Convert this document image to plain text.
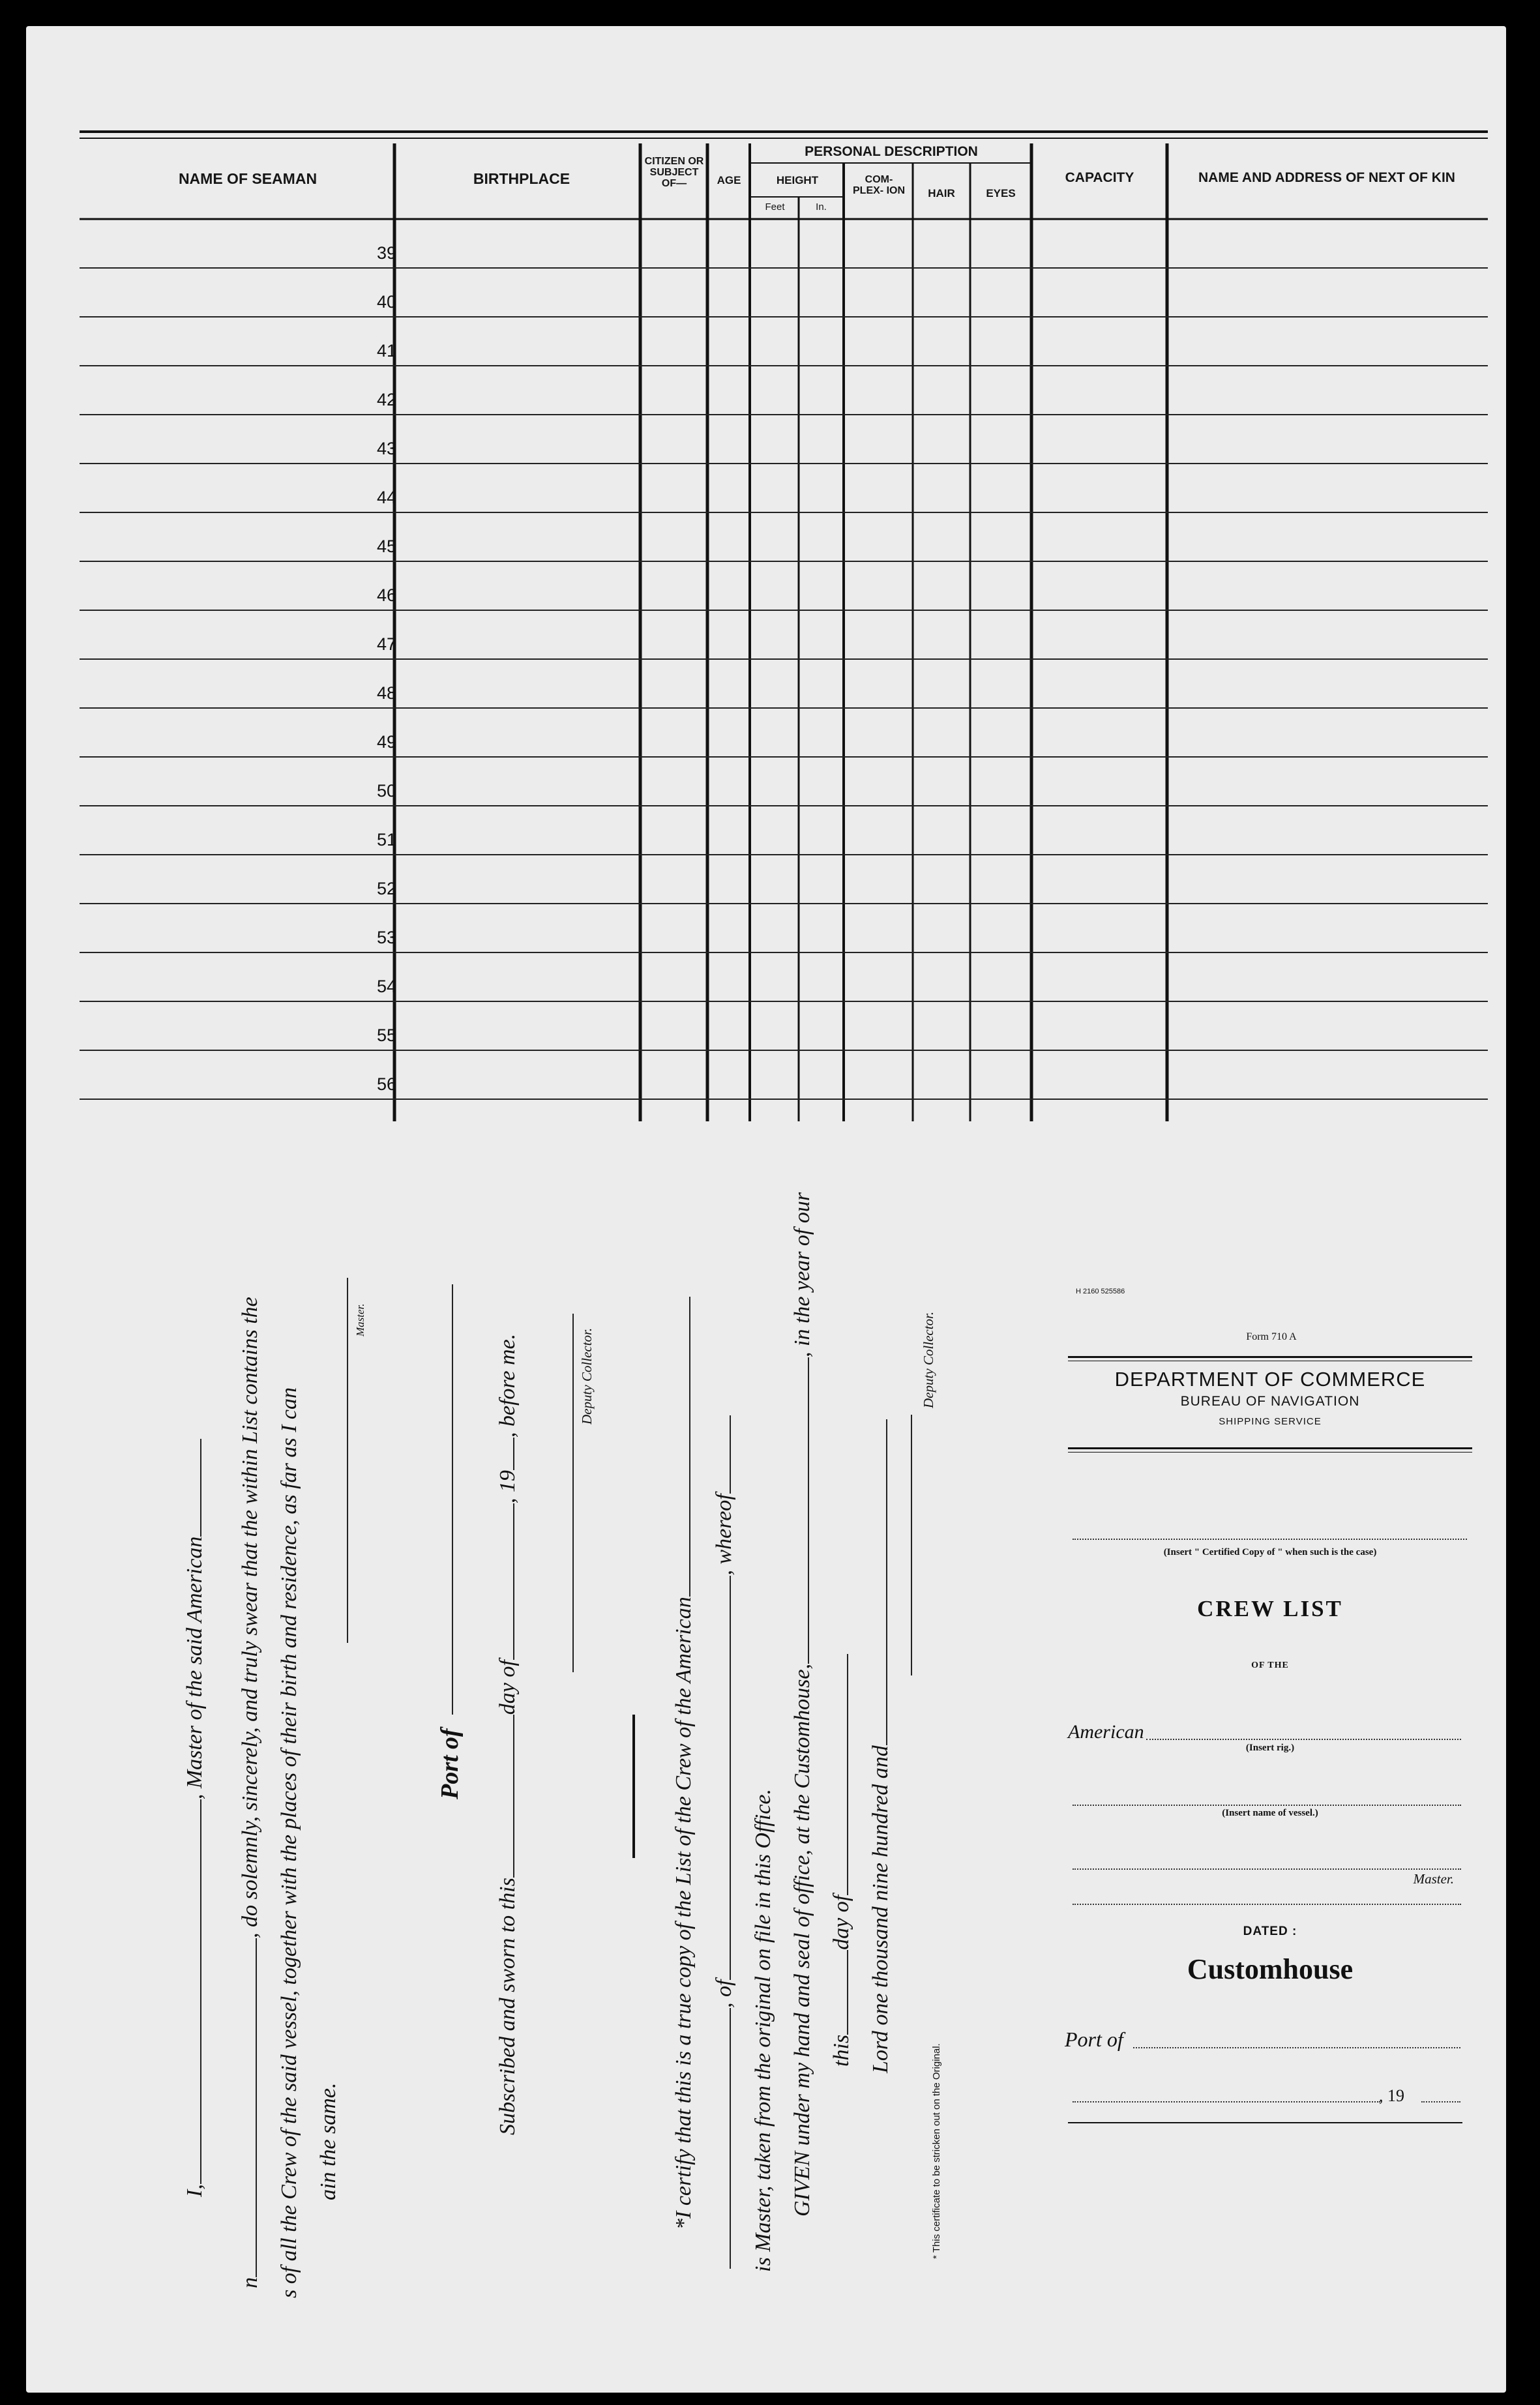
NAME OF SEAMAN	BIRTHPLACE
CITIZEN OR SUBJECT OF—	AGE
PERSONAL DESCRIPTION
HEIGHT
Feet	In.
COM- PLEX- ION	HAIR	EYES
CAPACITY	NAME AND ADDRESS OF NEXT OF KIN
39
40
41
42
43
44
45
46
47
48
49
50
51
52
53
54
55
56
I,, Master of the said American
n, do solemnly, sincerely, and truly swear that the within List contains the s of all the Crew of the said vessel, together with the places of their birth and residence, as far as I can ain the same.
Master.
Port of
Subscribed and sworn to thisday of, 19, before me.	Deputy Collector.
*I certify that this is a true copy of the List of the Crew of the American , of, whereof
is Master, taken from the original on file in this Office. GIVEN under my hand and seal of office, at the Customhouse,, in the year of our
thisday of Lord one thousand nine hundred and
Deputy Collector.
* This certificate to be stricken out on the Original.
H 2160 525586
Form 710 A
DEPARTMENT OF COMMERCE
BUREAU OF NAVIGATION
SHIPPING SERVICE
(Insert " Certified Copy of " when such is the case)
CREW LIST
OF THE
American
(Insert rig.)
(Insert name of vessel.)
Master.
DATED :
Customhouse
Port of
, 19
